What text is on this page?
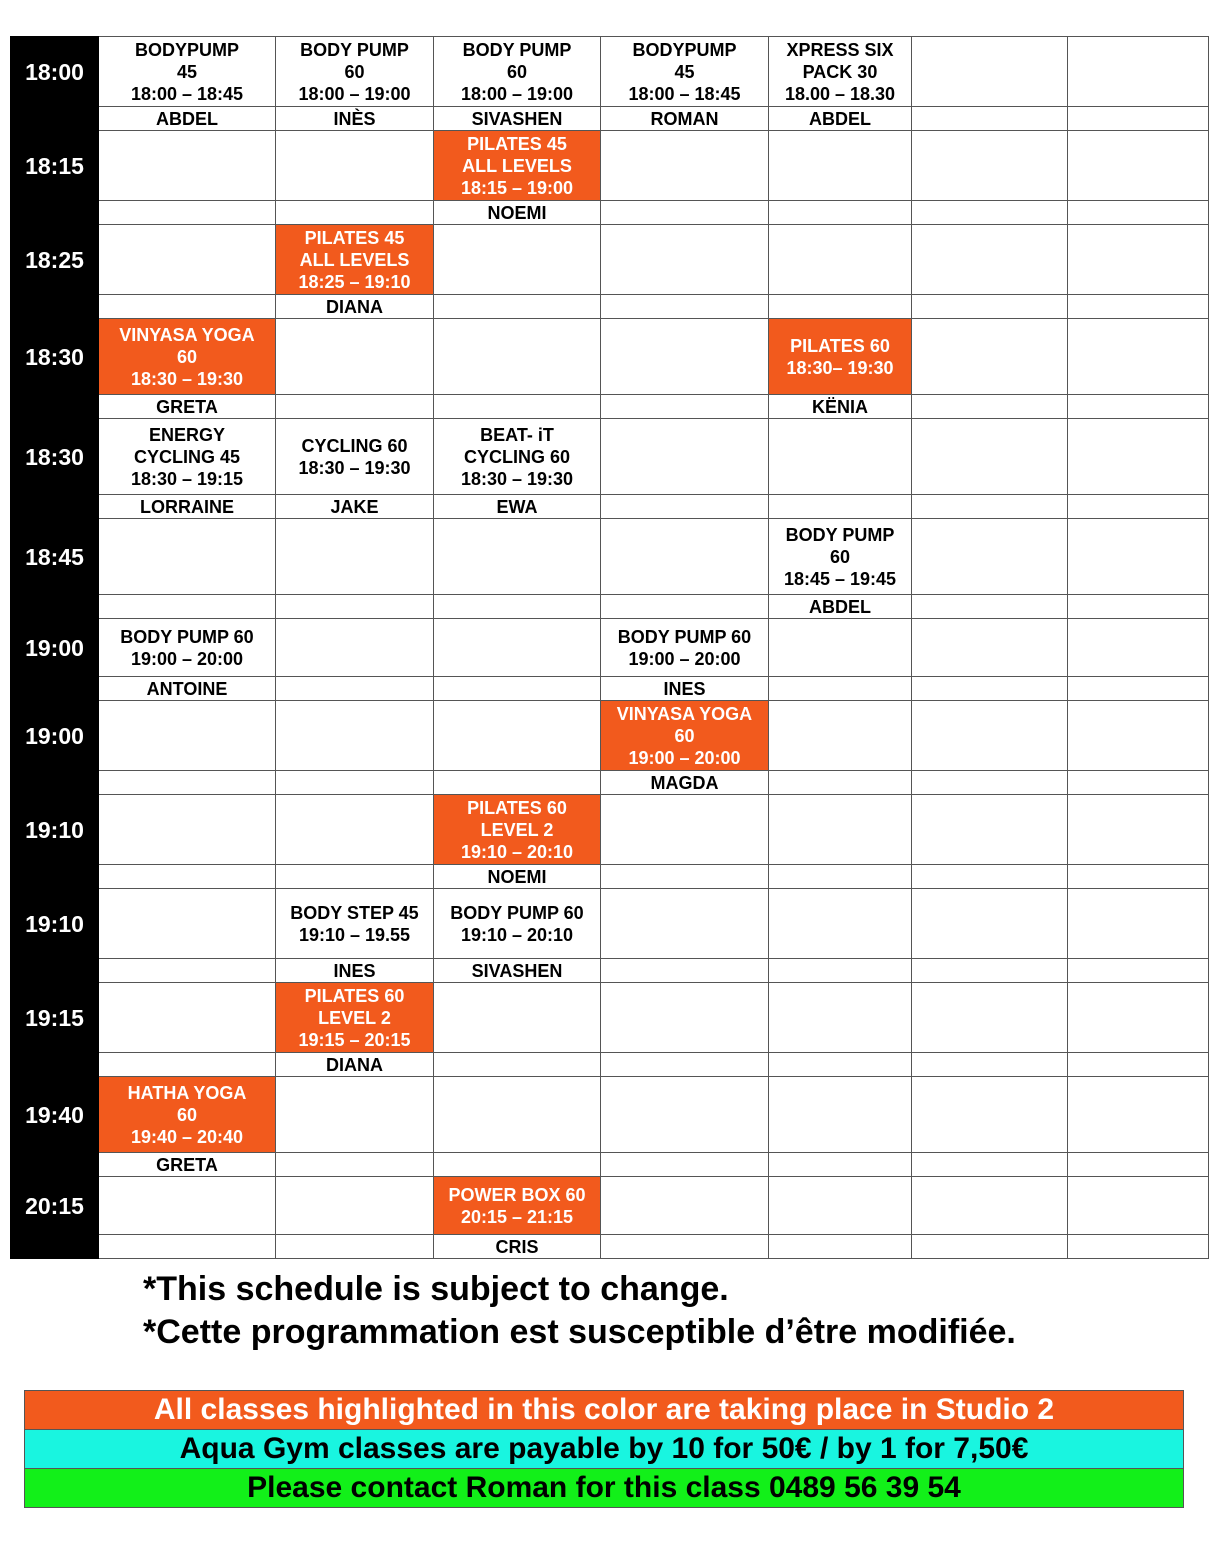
18:00	BODYPUMP
45
18:00 – 18:45	BODY PUMP
60
18:00 – 19:00	BODY PUMP
60
18:00 – 19:00	BODYPUMP
45
18:00 – 18:45	XPRESS SIX
PACK 30
18.00 – 18.30		

	ABDEL	INÈS	SIVASHEN	ROMAN	ABDEL		
18:15			PILATES 45
ALL LEVELS
18:15 – 19:00				

			NOEMI				
18:25		PILATES 45
ALL LEVELS
18:25 – 19:10					

		DIANA					
18:30	VINYASA YOGA
60
18:30 – 19:30				PILATES 60
18:30– 19:30		

	GRETA				KËNIA		
18:30	ENERGY
CYCLING 45
18:30 – 19:15	CYCLING 60
18:30 – 19:30	BEAT- iT
CYCLING 60
18:30 – 19:30				

	LORRAINE	JAKE	EWA				
18:45					BODY PUMP
60
18:45 – 19:45		

					ABDEL		
19:00	BODY PUMP 60
19:00 – 20:00			BODY PUMP 60
19:00 – 20:00			

	ANTOINE			INES			
19:00				VINYASA YOGA
60
19:00 – 20:00			

				MAGDA			
19:10			PILATES 60
LEVEL 2
19:10 – 20:10				

			NOEMI				
19:10		BODY STEP 45
19:10 – 19.55	BODY PUMP 60
19:10 – 20:10				

		INES	SIVASHEN				
19:15		PILATES 60
LEVEL 2
19:15 – 20:15					

		DIANA					
19:40	HATHA YOGA
60
19:40 – 20:40						

	GRETA						
20:15			POWER BOX 60
20:15 – 21:15				

			CRIS				
*This schedule is subject to change.
*Cette programmation est susceptible d’être modifiée.
All classes highlighted in this color are taking place in Studio 2
Aqua Gym classes are payable by 10 for 50€ / by 1 for 7,50€
Please contact Roman for this class 0489 56 39 54
